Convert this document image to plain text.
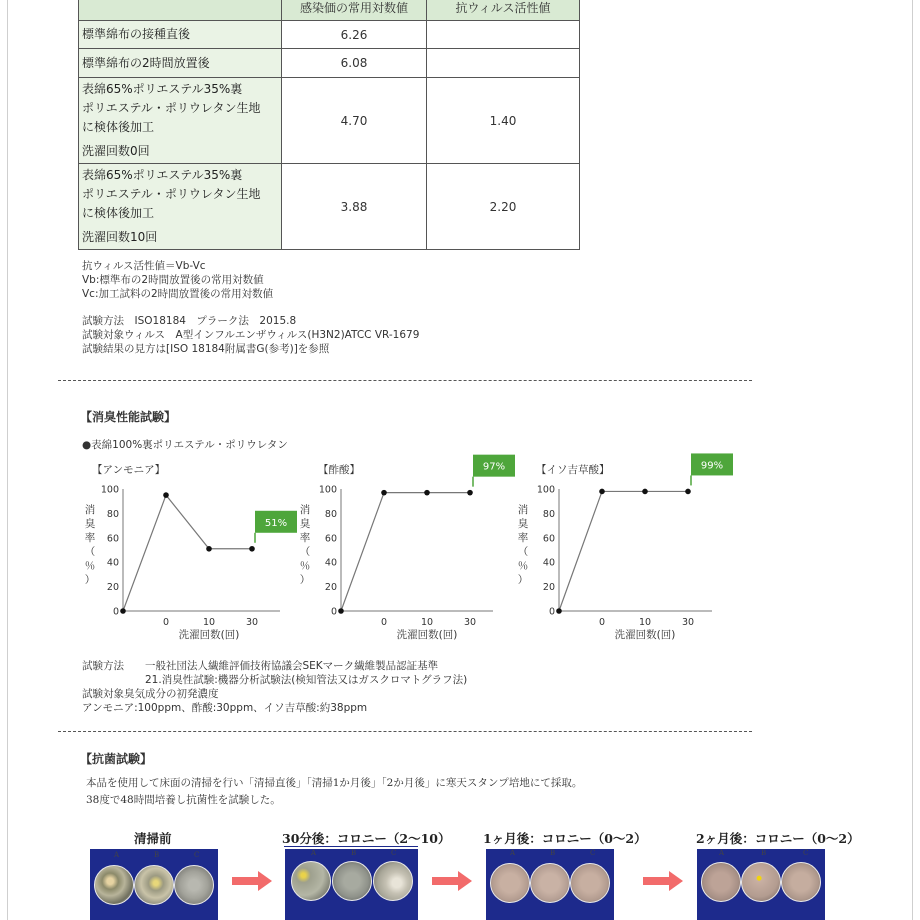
	感染価の常用対数値	抗ウィルス活性値
標準綿布の接種直後	6.26	
標準綿布の2時間放置後	6.08	
表綿65%ポリエステル35%裏
ポリエステル・ポリウレタン生地
に検体後加工
洗濯回数0回	4.70	1.40
表綿65%ポリエステル35%裏
ポリエステル・ポリウレタン生地
に検体後加工
洗濯回数10回	3.88	2.20
抗ウィルス活性値＝Vb-Vc
Vb:標準布の2時間放置後の常用対数値
Vc:加工試料の2時間放置後の常用対数値
試験方法　ISO18184　プラーク法　2015.8
試験対象ウィルス　A型インフルエンザウィルス(H3N2)ATCC VR-1679
試験結果の見方は[ISO 18184附属書G(参考)]を参照
【消臭性能試験】
●表綿100%裏ポリエステル・ポリウレタン
【アンモニア】	【酢酸】	【イソ吉草酸】
0
20
40
60
80
100
0	10	30
洗濯回数(回)
消
臭
率
（
％
）
51%
0
20
40
60
80
100
0	10	30
洗濯回数(回)
消
臭
率
（
％
）
97%
0
20
40
60
80
100
0	10	30
洗濯回数(回)
消
臭
率
（
％
）
99%
試験方法　　一般社団法人繊維評価技術協議会SEKマーク繊維製品認証基準
　　　　　　21.消臭性試験:機器分析試験法(検知管法又はガスクロマトグラフ法)
試験対象臭気成分の初発濃度
アンモニア:100ppm、酢酸:30ppm、イソ吉草酸:約38ppm
【抗菌試験】
本品を使用して床面の清掃を行い「清掃直後」「清掃1か月後」「2か月後」に寒天スタンプ培地にて採取。
38度で48時間培養し抗菌性を試験した。
清掃前	30分後：コロニー（2〜10）	1ヶ月後：コロニー（0〜2）	2ヶ月後：コロニー（0〜2）
A	B	C	A	B	C	A	B	C	A	B	C
